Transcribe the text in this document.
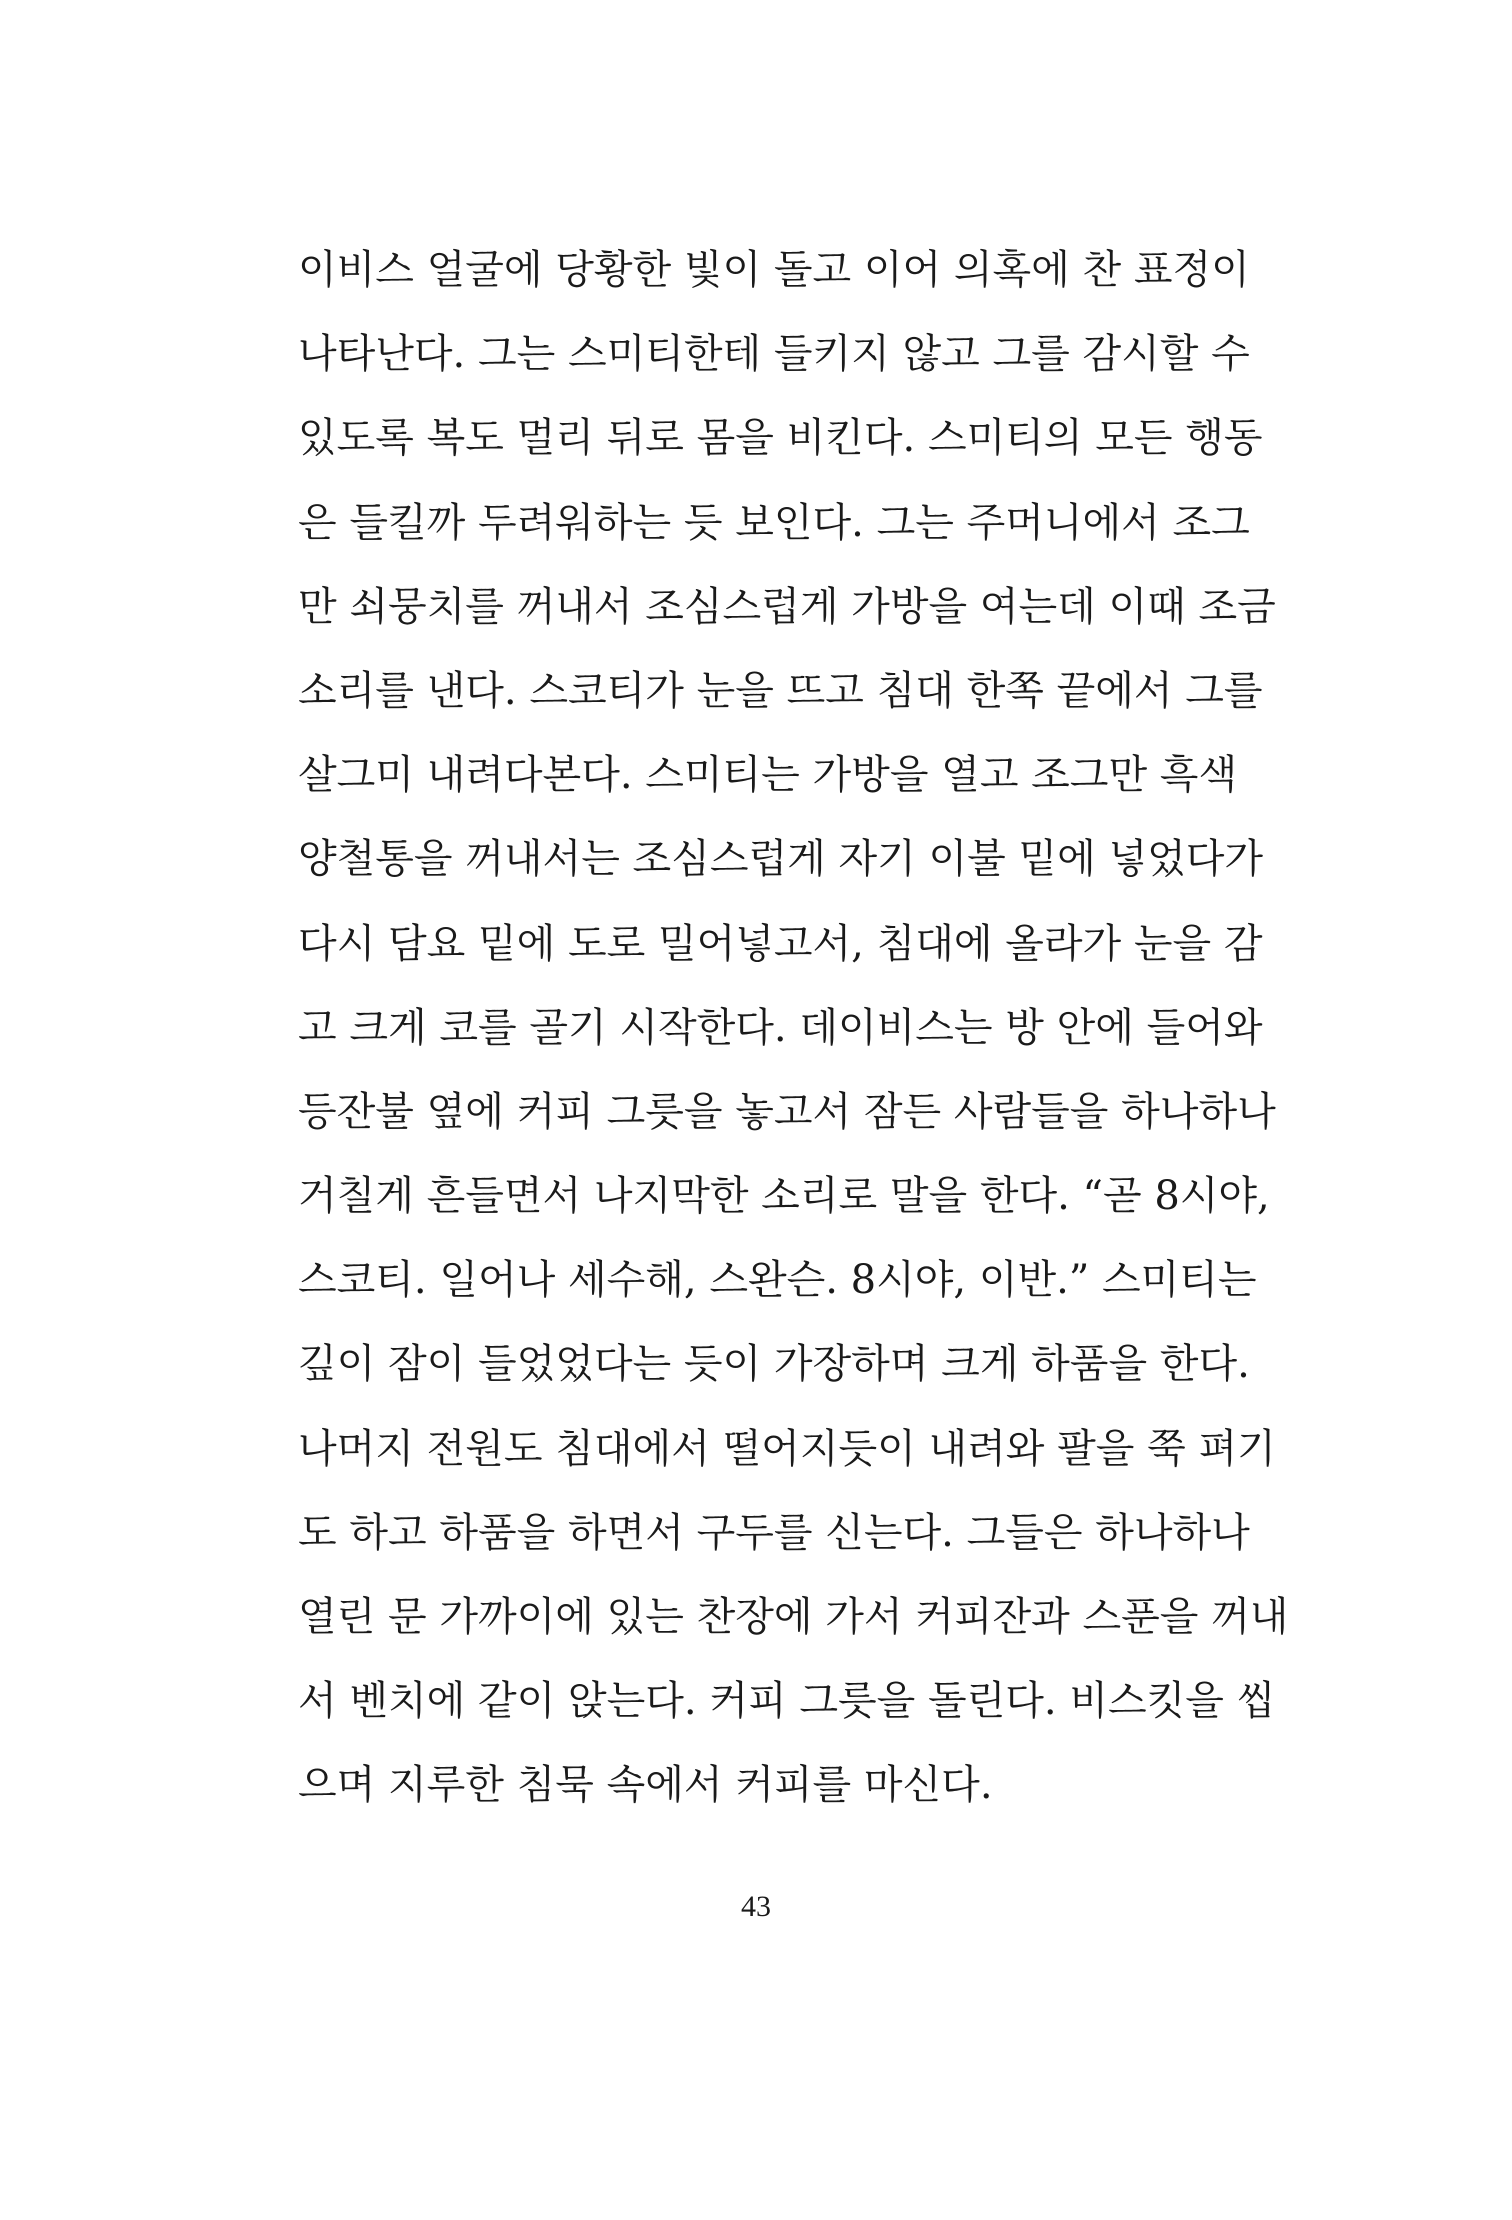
이비스 얼굴에 당황한 빛이 돌고 이어 의혹에 찬 표정이
나타난다. 그는 스미티한테 들키지 않고 그를 감시할 수
있도록 복도 멀리 뒤로 몸을 비킨다. 스미티의 모든 행동
은 들킬까 두려워하는 듯 보인다. 그는 주머니에서 조그
만 쇠뭉치를 꺼내서 조심스럽게 가방을 여는데 이때 조금
소리를 낸다. 스코티가 눈을 뜨고 침대 한쪽 끝에서 그를
살그미 내려다본다. 스미티는 가방을 열고 조그만 흑색
양철통을 꺼내서는 조심스럽게 자기 이불 밑에 넣었다가
다시 담요 밑에 도로 밀어넣고서, 침대에 올라가 눈을 감
고 크게 코를 골기 시작한다. 데이비스는 방 안에 들어와
등잔불 옆에 커피 그릇을 놓고서 잠든 사람들을 하나하나
거칠게 흔들면서 나지막한 소리로 말을 한다. “곧 8시야,
스코티. 일어나 세수해, 스완슨. 8시야, 이반.” 스미티는
깊이 잠이 들었었다는 듯이 가장하며 크게 하품을 한다.
나머지 전원도 침대에서 떨어지듯이 내려와 팔을 쭉 펴기
도 하고 하품을 하면서 구두를 신는다. 그들은 하나하나
열린 문 가까이에 있는 찬장에 가서 커피잔과 스푼을 꺼내
서 벤치에 같이 앉는다. 커피 그릇을 돌린다. 비스킷을 씹
으며 지루한 침묵 속에서 커피를 마신다.
43
